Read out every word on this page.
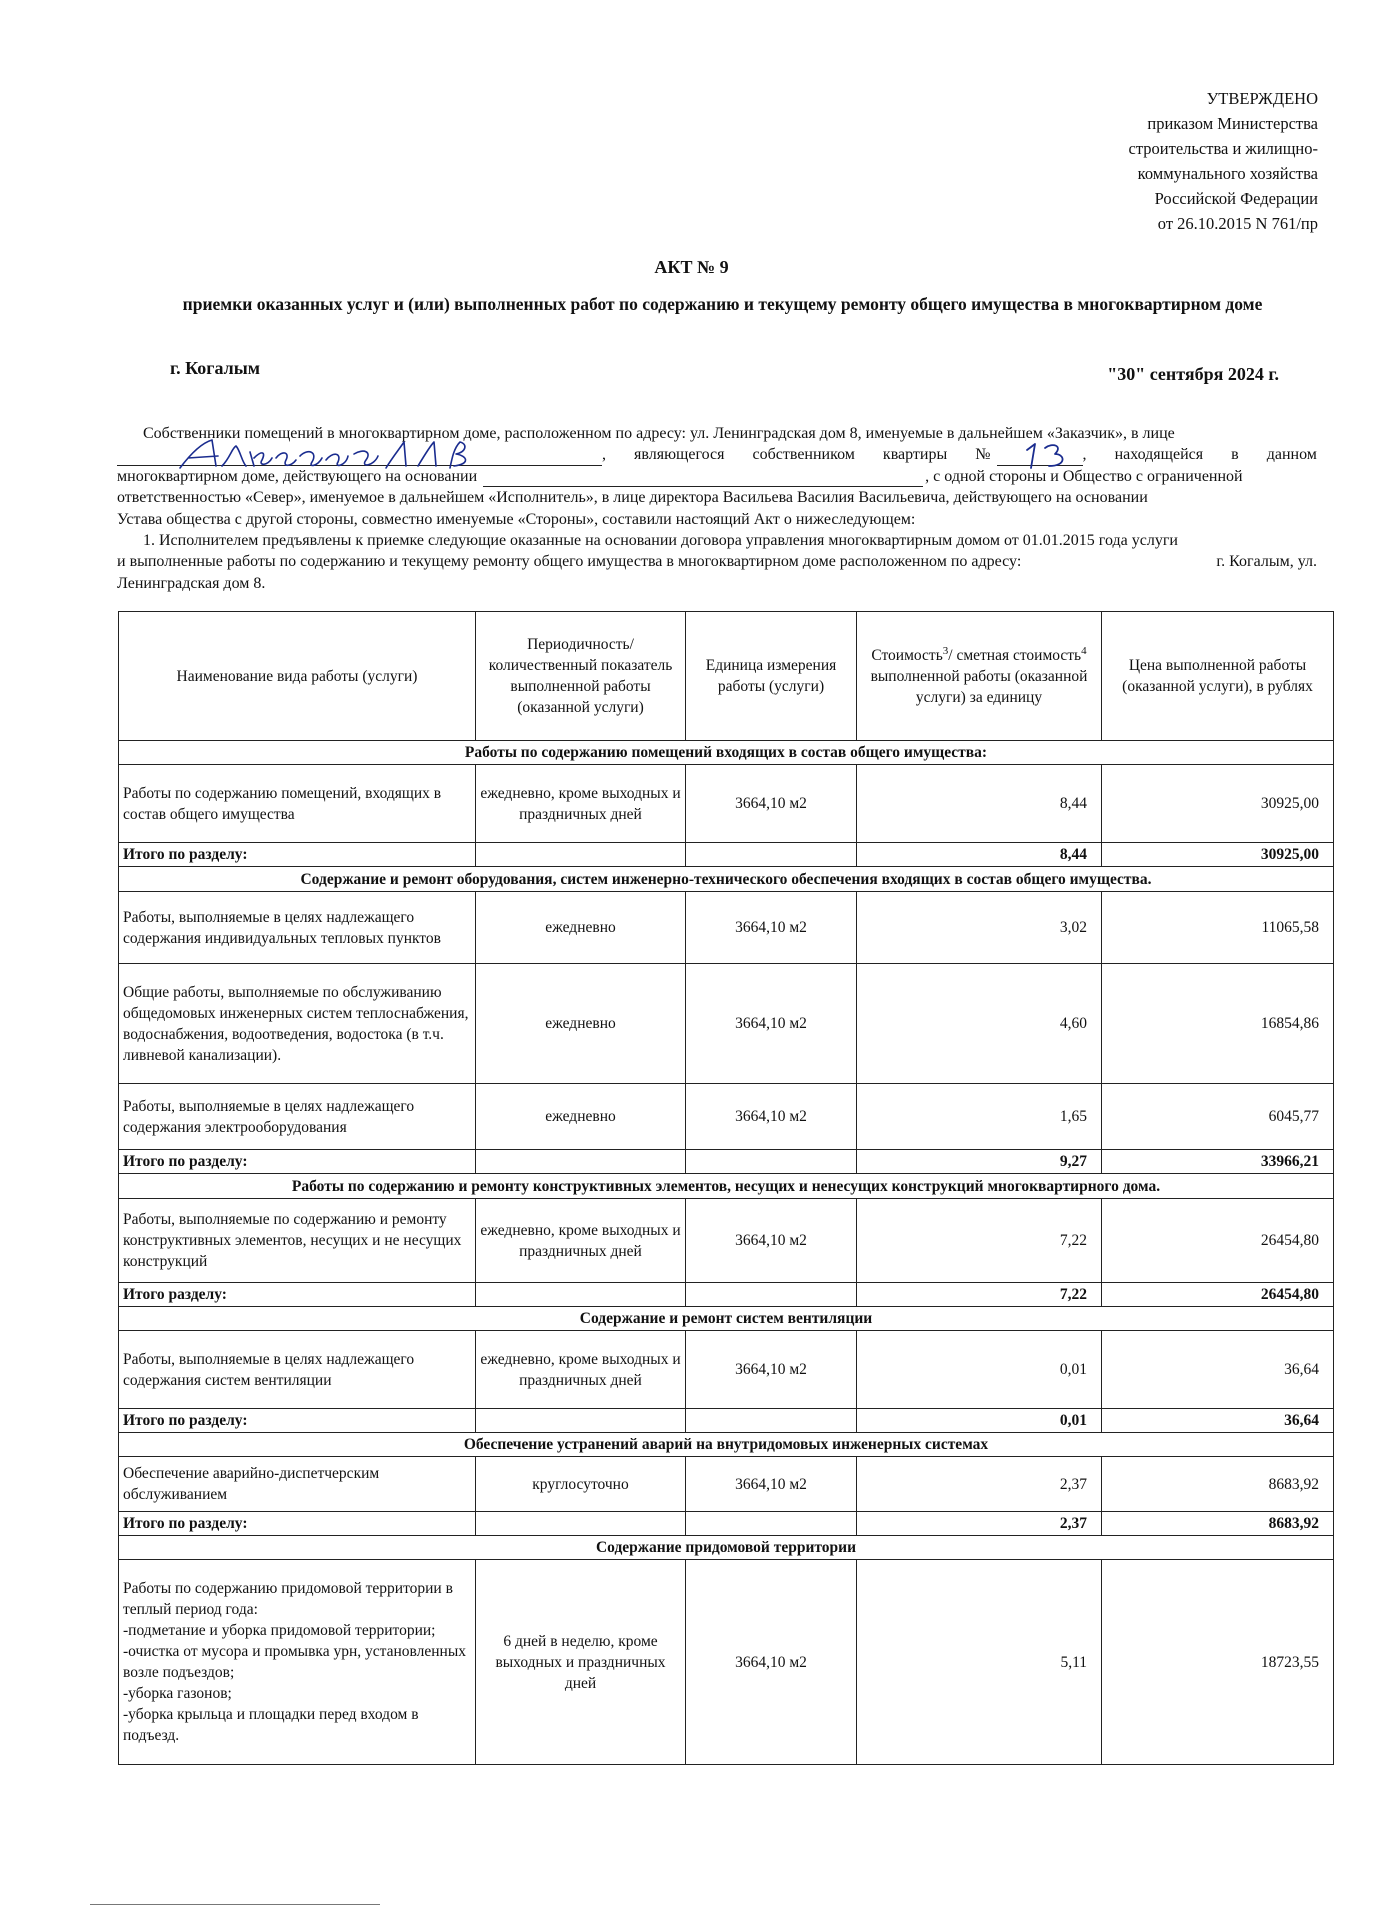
УТВЕРЖДЕНО
приказом Министерства
строительства и жилищно-
коммунального хозяйства
Российской Федерации
от 26.10.2015 N 761/пр
АКТ № 9
приемки оказанных услуг и (или) выполненных работ по содержанию и текущему ремонту общего имущества в многоквартирном доме
г. Когалым	"30" сентября 2024 г.
Собственники помещений в многоквартирном доме, расположенном по адресу: ул. Ленинградская дом 8, именуемые в дальнейшем «Заказчик», в лице
, являющегося собственником квартиры №	, находящейся в данном
многоквартирном доме, действующего на основании	, с одной стороны и Общество с ограниченной
ответственностью «Север», именуемое в дальнейшем «Исполнитель», в лице директора Васильева Василия Васильевича, действующего на основании
Устава общества с другой стороны, совместно именуемые «Стороны», составили настоящий Акт о нижеследующем:
1. Исполнителем предъявлены к приемке следующие оказанные на основании договора управления многоквартирным домом от 01.01.2015 года услуги
и выполненные работы по содержанию и текущему ремонту общего имущества в многоквартирном доме расположенном по адресу:	г. Когалым, ул.
Ленинградская дом 8.
Наименование вида работы (услуги)	Периодичность/ количественный показатель выполненной работы (оказанной услуги)	Единица измерения работы (услуги)	Стоимость$^3$/ сметная стоимость$^4$ выполненной работы (оказанной услуги) за единицу	Цена выполненной работы (оказанной услуги), в рублях
Работы по содержанию помещений входящих в состав общего имущества:				
Работы по содержанию помещений, входящих в состав общего имущества	ежедневно, кроме выходных и праздничных дней	3664,10 м2	8,44	30925,00
Итого по разделу:			8,44	30925,00
Содержание и ремонт оборудования, систем инженерно-технического обеспечения входящих в состав общего имущества.				
Работы, выполняемые в целях надлежащего содержания индивидуальных тепловых пунктов	ежедневно	3664,10 м2	3,02	11065,58
Общие работы, выполняемые по обслуживанию общедомовых инженерных систем теплоснабжения, водоснабжения, водоотведения, водостока (в т.ч. ливневой канализации).	ежедневно	3664,10 м2	4,60	16854,86
Работы, выполняемые в целях надлежащего содержания электрооборудования	ежедневно	3664,10 м2	1,65	6045,77
Итого по разделу:			9,27	33966,21
Работы по содержанию и ремонту конструктивных элементов, несущих и ненесущих конструкций многоквартирного дома.				
Работы, выполняемые по содержанию и ремонту конструктивных элементов, несущих и не несущих конструкций	ежедневно, кроме выходных и праздничных дней	3664,10 м2	7,22	26454,80
Итого разделу:			7,22	26454,80
Содержание и ремонт систем вентиляции				
Работы, выполняемые в целях надлежащего содержания систем вентиляции	ежедневно, кроме выходных и праздничных дней	3664,10 м2	0,01	36,64
Итого по разделу:			0,01	36,64
Обеспечение устранений аварий на внутридомовых инженерных системах				
Обеспечение аварийно-диспетчерским обслуживанием	круглосуточно	3664,10 м2	2,37	8683,92
Итого по разделу:			2,37	8683,92
Содержание придомовой территории				

Работы по содержанию придомовой территории в теплый период года:
-подметание и уборка придомовой территории;
-очистка от мусора и промывка урн, установленных возле подъездов;
-уборка газонов;
-уборка крыльца и площадки перед входом в подъезд.	6 дней в неделю, кроме выходных и праздничных дней	3664,10 м2	5,11	18723,55
